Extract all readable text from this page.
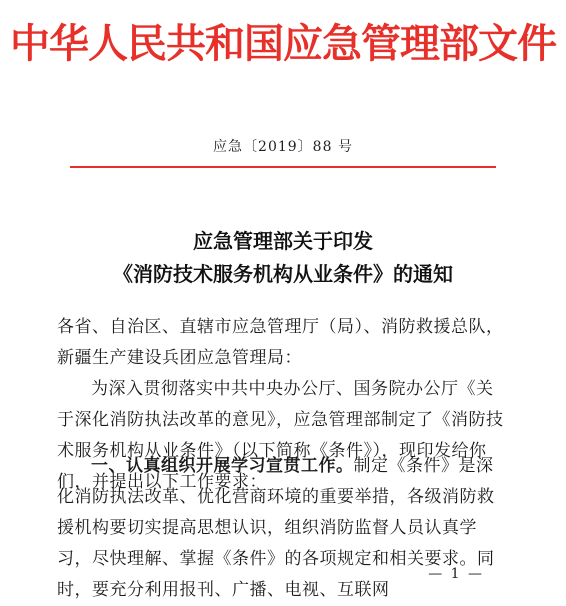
中华人民共和国应急管理部文件
应急〔2019〕88 号
应急管理部关于印发
《消防技术服务机构从业条件》的通知
各省、自治区、直辖市应急管理厅（局）、消防救援总队，新疆生产建设兵团应急管理局：
为深入贯彻落实中共中央办公厅、国务院办公厅《关于深化消防执法改革的意见》，应急管理部制定了《消防技术服务机构从业条件》（以下简称《条件》），现印发给你们，并提出以下工作要求：
一、认真组织开展学习宣贯工作。制定《条件》是深化消防执法改革、优化营商环境的重要举措，各级消防救援机构要切实提高思想认识，组织消防监督人员认真学习，尽快理解、掌握《条件》的各项规定和相关要求。同时，要充分利用报刊、广播、电视、互联网
— 1 —
